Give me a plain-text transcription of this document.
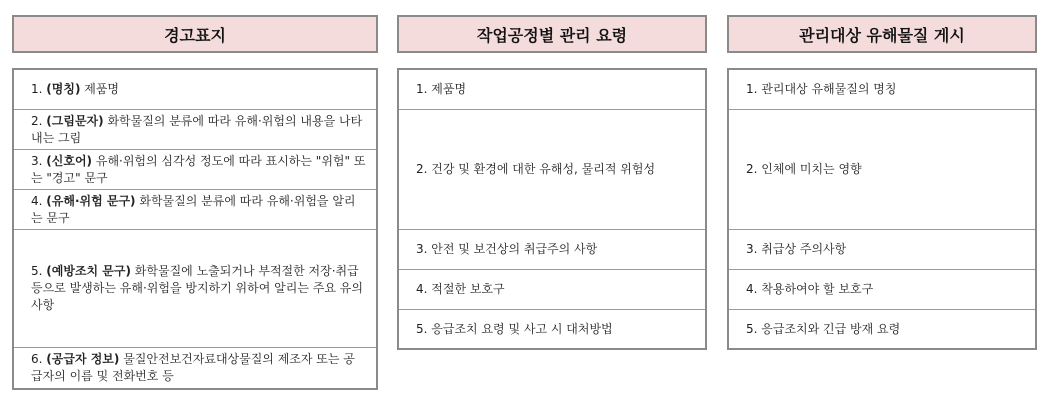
경고표지
1. (명칭) 제품명
2. (그림문자) 화학물질의 분류에 따라 유해·위험의 내용을 나타내는 그림
3. (신호어) 유해·위험의 심각성 정도에 따라 표시하는 "위험" 또는 "경고" 문구
4. (유해·위험 문구) 화학물질의 분류에 따라 유해·위험을 알리는 문구
5. (예방조치 문구) 화학물질에 노출되거나 부적절한 저장·취급 등으로 발생하는 유해·위험을 방지하기 위하여 알리는 주요 유의사항
6. (공급자 정보) 물질안전보건자료대상물질의 제조자 또는 공급자의 이름 및 전화번호 등
작업공정별 관리 요령
1. 제품명
2. 건강 및 환경에 대한 유해성, 물리적 위험성
3. 안전 및 보건상의 취급주의 사항
4. 적절한 보호구
5. 응급조치 요령 및 사고 시 대처방법
관리대상 유해물질 게시
1. 관리대상 유해물질의 명칭
2. 인체에 미치는 영향
3. 취급상 주의사항
4. 착용하여야 할 보호구
5. 응급조치와 긴급 방재 요령
